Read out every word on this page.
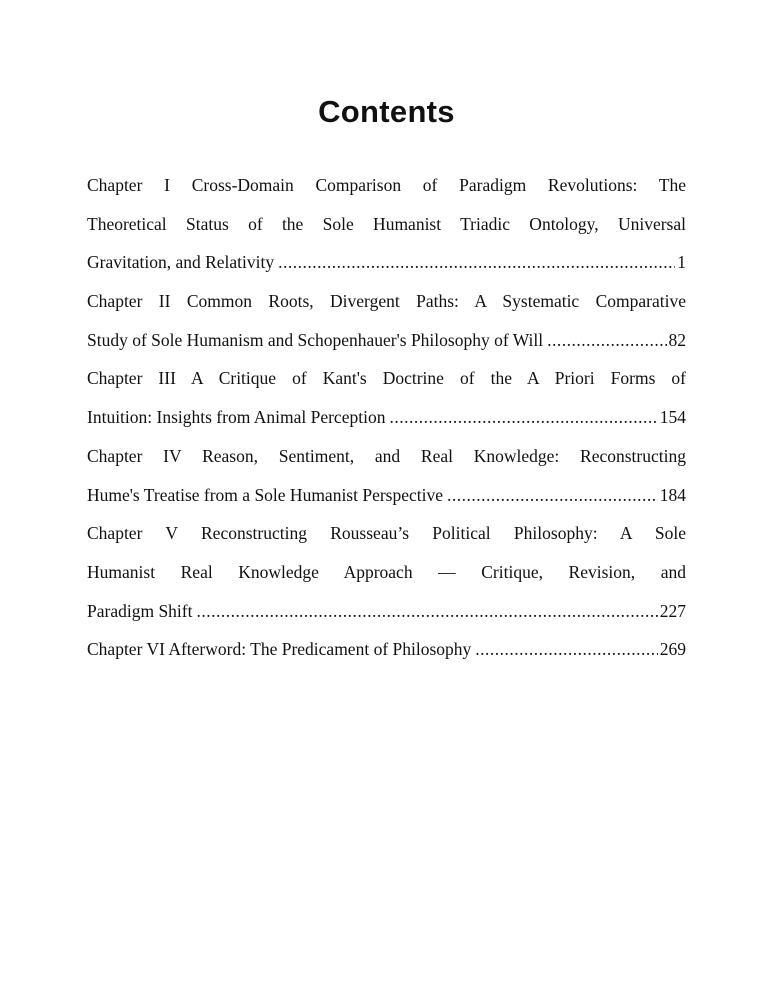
Contents
Chapter I Cross-Domain Comparison of Paradigm Revolutions: The
Theoretical Status of the Sole Humanist Triadic Ontology, Universal
Gravitation, and Relativity .....	1
Chapter II Common Roots, Divergent Paths: A Systematic Comparative
Study of Sole Humanism and Schopenhauer's Philosophy of Will .....	82
Chapter III A Critique of Kant's Doctrine of the A Priori Forms of
Intuition: Insights from Animal Perception .....	154
Chapter IV Reason, Sentiment, and Real Knowledge: Reconstructing
Hume's Treatise from a Sole Humanist Perspective .....	184
Chapter V Reconstructing Rousseau’s Political Philosophy: A Sole
Humanist Real Knowledge Approach — Critique, Revision, and
Paradigm Shift .....	227
Chapter VI Afterword: The Predicament of Philosophy .....	269
